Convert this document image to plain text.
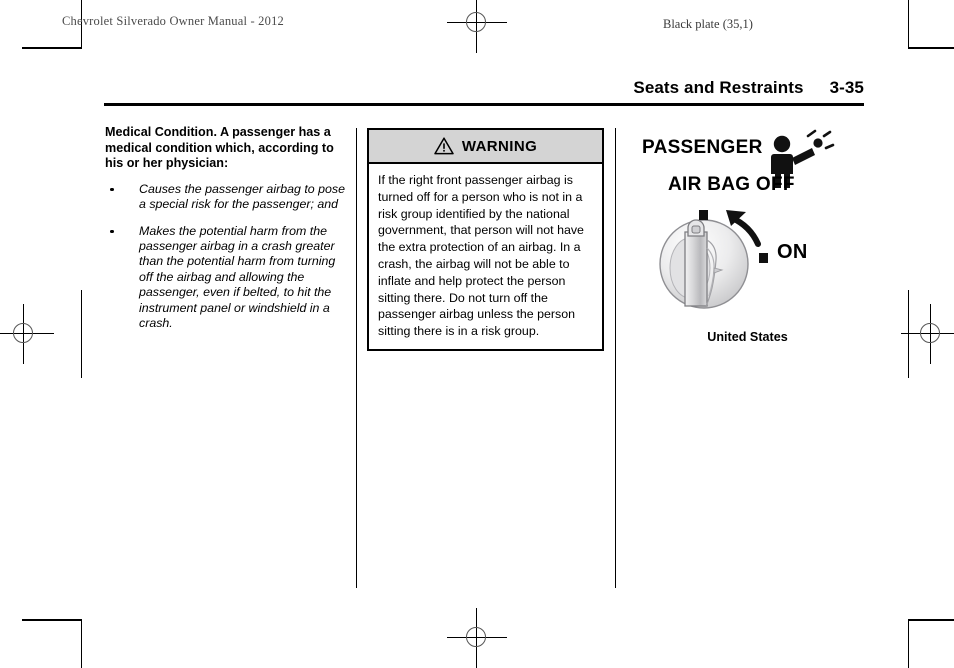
Chevrolet Silverado Owner Manual - 2012	Black plate (35,1)
Seats and Restraints 3-35

Medical Condition. A passenger has a medical condition which, according to his or her physician:

Causes the passenger airbag to pose a special risk for the passenger; and
Makes the potential harm from the passenger airbag in a crash greater than the potential harm from turning off the airbag and allowing the passenger, even if belted, to hit the instrument panel or windshield in a crash.
WARNING
If the right front passenger airbag is turned off for a person who is not in a risk group identified by the national government, that person will not have the extra protection of an airbag. In a crash, the airbag will not be able to inflate and help protect the person sitting there. Do not turn off the passenger airbag unless the person sitting there is in a risk group.
PASSENGER
AIR BAG OFF
ON
United States
